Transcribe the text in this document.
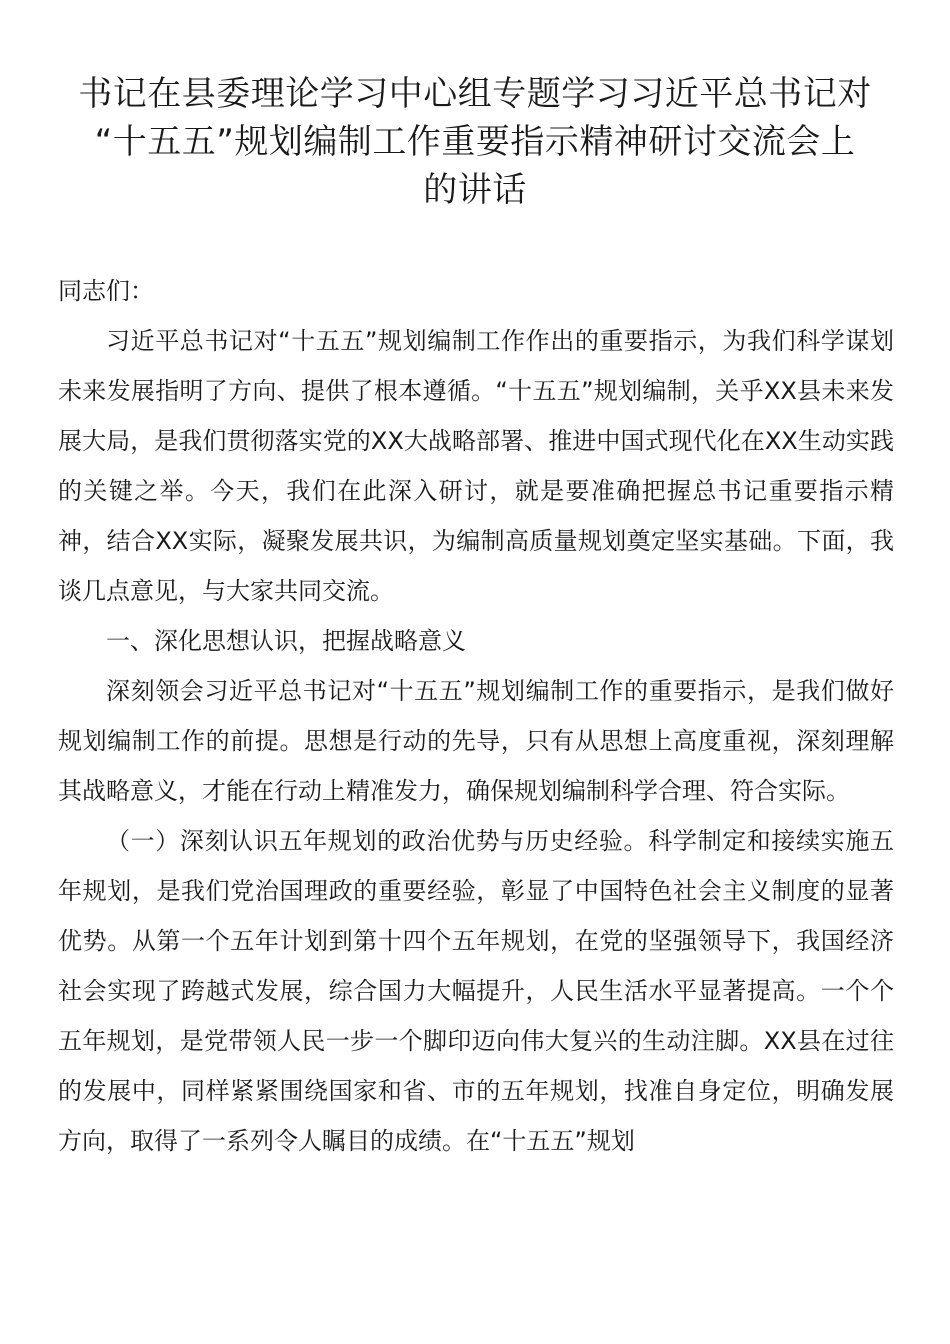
书记在县委理论学习中心组专题学习习近平总书记对
“十五五”规划编制工作重要指示精神研讨交流会上
的讲话

同志们：

习近平总书记对“十五五”规划编制工作作出的重要指示，为我们科学谋划未来发展指明了方向、提供了根本遵循。“十五五”规划编制，关乎XX县未来发展大局，是我们贯彻落实党的XX大战略部署、推进中国式现代化在XX生动实践的关键之举。今天，我们在此深入研讨，就是要准确把握总书记重要指示精神，结合XX实际，凝聚发展共识，为编制高质量规划奠定坚实基础。下面，我谈几点意见，与大家共同交流。

一、深化思想认识，把握战略意义

深刻领会习近平总书记对“十五五”规划编制工作的重要指示，是我们做好规划编制工作的前提。思想是行动的先导，只有从思想上高度重视，深刻理解其战略意义，才能在行动上精准发力，确保规划编制科学合理、符合实际。

（一）深刻认识五年规划的政治优势与历史经验。科学制定和接续实施五年规划，是我们党治国理政的重要经验，彰显了中国特色社会主义制度的显著优势。从第一个五年计划到第十四个五年规划，在党的坚强领导下，我国经济社会实现了跨越式发展，综合国力大幅提升，人民生活水平显著提高。一个个五年规划，是党带领人民一步一个脚印迈向伟大复兴的生动注脚。XX县在过往的发展中，同样紧紧围绕国家和省、市的五年规划，找准自身定位，明确发展方向，取得了一系列令人瞩目的成绩。在“十五五”规划
